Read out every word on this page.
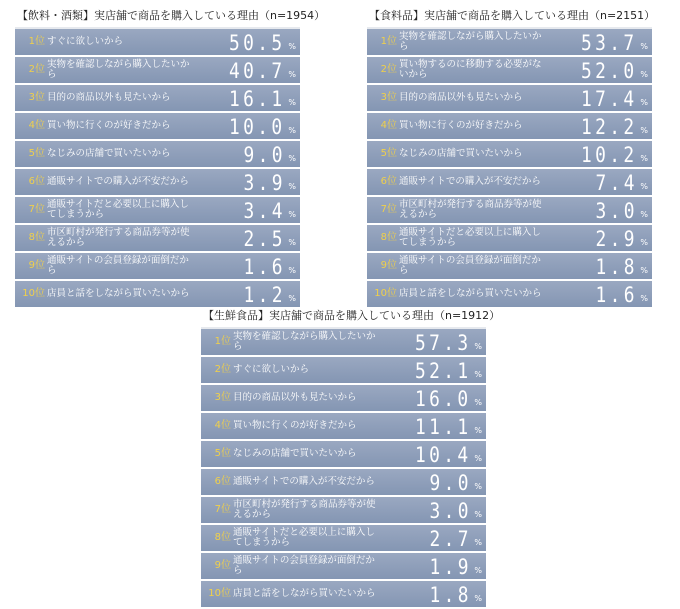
【飲料・酒類】実店舗で商品を購入している理由（n=1954）
1位 すぐに欲しいから	50.5 %
2位 実物を確認しながら購入したいから	40.7 %
3位 目的の商品以外も見たいから	16.1 %
4位 買い物に行くのが好きだから	10.0 %
5位 なじみの店舗で買いたいから	9.0 %
6位 通販サイトでの購入が不安だから	3.9 %
7位 通販サイトだと必要以上に購入してしまうから	3.4 %
8位 市区町村が発行する商品券等が使えるから	2.5 %
9位 通販サイトの会員登録が面倒だから	1.6 %
10位 店員と話をしながら買いたいから	1.2 %
【食料品】実店舗で商品を購入している理由（n=2151）
1位 実物を確認しながら購入したいから	53.7 %
2位 買い物するのに移動する必要がないから	52.0 %
3位 目的の商品以外も見たいから	17.4 %
4位 買い物に行くのが好きだから	12.2 %
5位 なじみの店舗で買いたいから	10.2 %
6位 通販サイトでの購入が不安だから	7.4 %
7位 市区町村が発行する商品券等が使えるから	3.0 %
8位 通販サイトだと必要以上に購入してしまうから	2.9 %
9位 通販サイトの会員登録が面倒だから	1.8 %
10位 店員と話をしながら買いたいから	1.6 %
【生鮮食品】実店舗で商品を購入している理由（n=1912）
1位 実物を確認しながら購入したいから	57.3 %
2位 すぐに欲しいから	52.1 %
3位 目的の商品以外も見たいから	16.0 %
4位 買い物に行くのが好きだから	11.1 %
5位 なじみの店舗で買いたいから	10.4 %
6位 通販サイトでの購入が不安だから	9.0 %
7位 市区町村が発行する商品券等が使えるから	3.0 %
8位 通販サイトだと必要以上に購入してしまうから	2.7 %
9位 通販サイトの会員登録が面倒だから	1.9 %
10位 店員と話をしながら買いたいから	1.8 %
